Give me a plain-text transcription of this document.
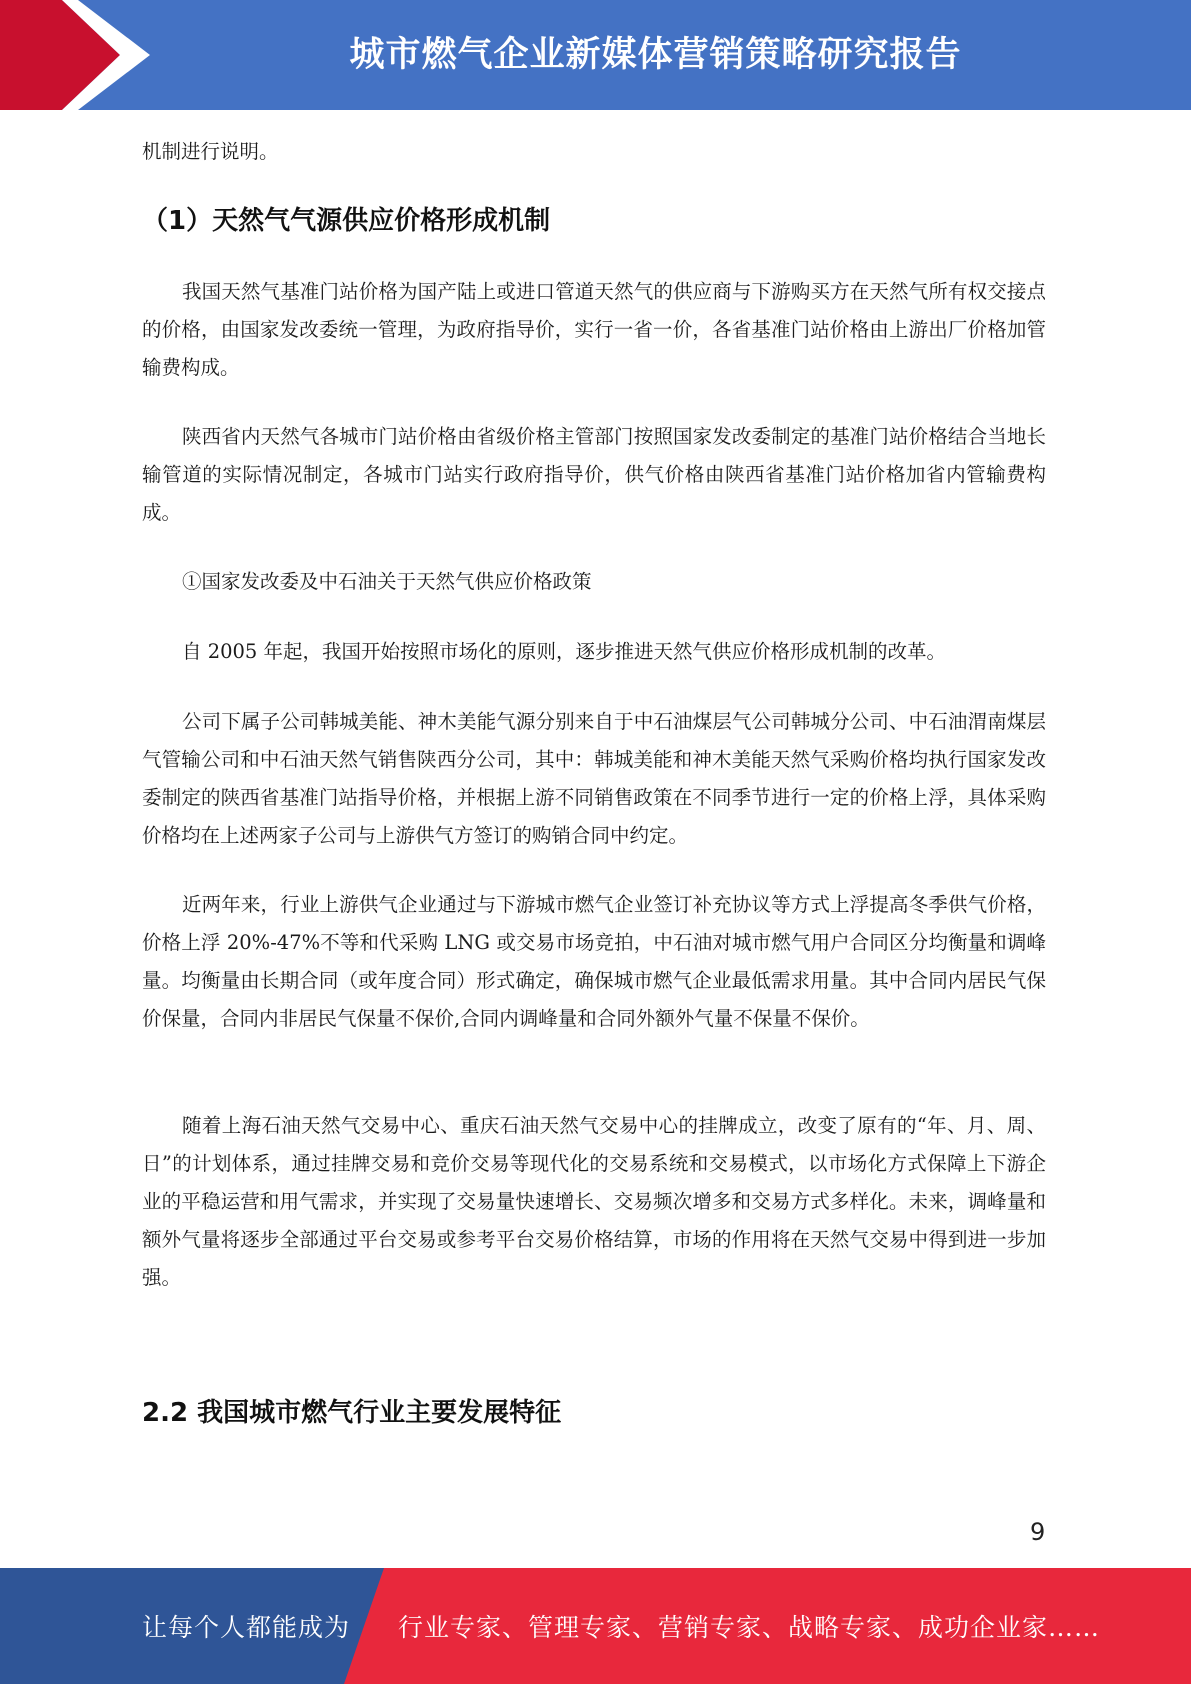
城市燃气企业新媒体营销策略研究报告

机制进行说明。

（1）天然气气源供应价格形成机制

我国天然气基准门站价格为国产陆上或进口管道天然气的供应商与下游购买方在天然气所有权交接点的价格，由国家发改委统一管理，为政府指导价，实行一省一价，各省基准门站价格由上游出厂价格加管输费构成。

陕西省内天然气各城市门站价格由省级价格主管部门按照国家发改委制定的基准门站价格结合当地长输管道的实际情况制定，各城市门站实行政府指导价，供气价格由陕西省基准门站价格加省内管输费构成。

①国家发改委及中石油关于天然气供应价格政策

自 2005 年起，我国开始按照市场化的原则，逐步推进天然气供应价格形成机制的改革。

公司下属子公司韩城美能、神木美能气源分别来自于中石油煤层气公司韩城分公司、中石油渭南煤层气管输公司和中石油天然气销售陕西分公司，其中：韩城美能和神木美能天然气采购价格均执行国家发改委制定的陕西省基准门站指导价格，并根据上游不同销售政策在不同季节进行一定的价格上浮，具体采购价格均在上述两家子公司与上游供气方签订的购销合同中约定。

近两年来，行业上游供气企业通过与下游城市燃气企业签订补充协议等方式上浮提高冬季供气价格，价格上浮 20%-47%不等和代采购 LNG 或交易市场竞拍，中石油对城市燃气用户合同区分均衡量和调峰量。均衡量由长期合同（或年度合同）形式确定，确保城市燃气企业最低需求用量。其中合同内居民气保价保量，合同内非居民气保量不保价,合同内调峰量和合同外额外气量不保量不保价。

随着上海石油天然气交易中心、重庆石油天然气交易中心的挂牌成立，改变了原有的“年、月、周、日”的计划体系，通过挂牌交易和竞价交易等现代化的交易系统和交易模式，以市场化方式保障上下游企业的平稳运营和用气需求，并实现了交易量快速增长、交易频次增多和交易方式多样化。未来，调峰量和额外气量将逐步全部通过平台交易或参考平台交易价格结算，市场的作用将在天然气交易中得到进一步加强。

2.2 我国城市燃气行业主要发展特征
9
让每个人都能成为 行业专家、管理专家、营销专家、战略专家、成功企业家……
